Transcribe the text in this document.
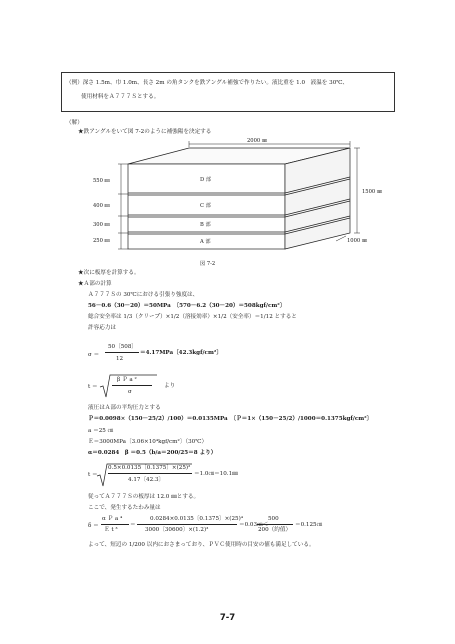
（例）深さ 1.5m、巾 1.0m、長さ 2m の角タンクを鉄アングル補強で作りたい。液比重を 1.0　液温を 30℃、
使用材料をＡ７７７Ｓとする。
（解）
★鉄アングルをいて図 7-2のように補強陽を決定する
2000 ㎜
1500 ㎜
1000 ㎜
550 ㎜
400 ㎜
300 ㎜
250 ㎜
D 部
C 部
B 部
A 部
図 7-2
★次に板厚を計算する。
★Ａ部の計算
Ａ７７７Ｓの 30℃における引張り強度は、
56－0.6（30－20）＝50MPa　〔570－6.2（30－20）＝508kgf/cm²〕
総合安全率は 1/3（クリープ）×1/2（溶接効率）×1/2（安全率）＝1/12 とすると
許容応力は
σ ＝
50〔508〕
12
＝4.17MPa〔42.3kgf/cm²〕
t ＝
β Ｐ a ²
σ
より
液圧はＡ部の平均圧力とする
Ｐ＝0.0098×（150－25/2）/100）＝0.0135MPa　〔Ｐ＝1×（150－25/2）/1000＝0.1375kgf/cm²〕
a ＝25 ㎝
Ｅ＝3000MPa〔3.06×10⁴kgf/cm²〕（30℃）
α＝0.0284　β ＝0.5（b/a＝200/25＝8 より）
t ＝
0.5×0.0135〔0.1375〕×(25)²
4.17〔42.3〕
＝1.0㎝＝10.1㎜
従ってＡ７７７Ｓの板厚は 12.0 ㎜とする。
ここで、発生するたわみ量は
δ ＝
α Ｐ a ⁴
Ｅ t ³
＝
0.0284×0.0135〔0.1375〕×(25)⁴
3000〔30600〕×(1.2)³
＝0.03㎝＜
500
200（約值）
＝0.125㎝
よって、短辺の 1/200 以内におさまっており、ＰＶＣ使用時の目安の値も満足している。
7-7
